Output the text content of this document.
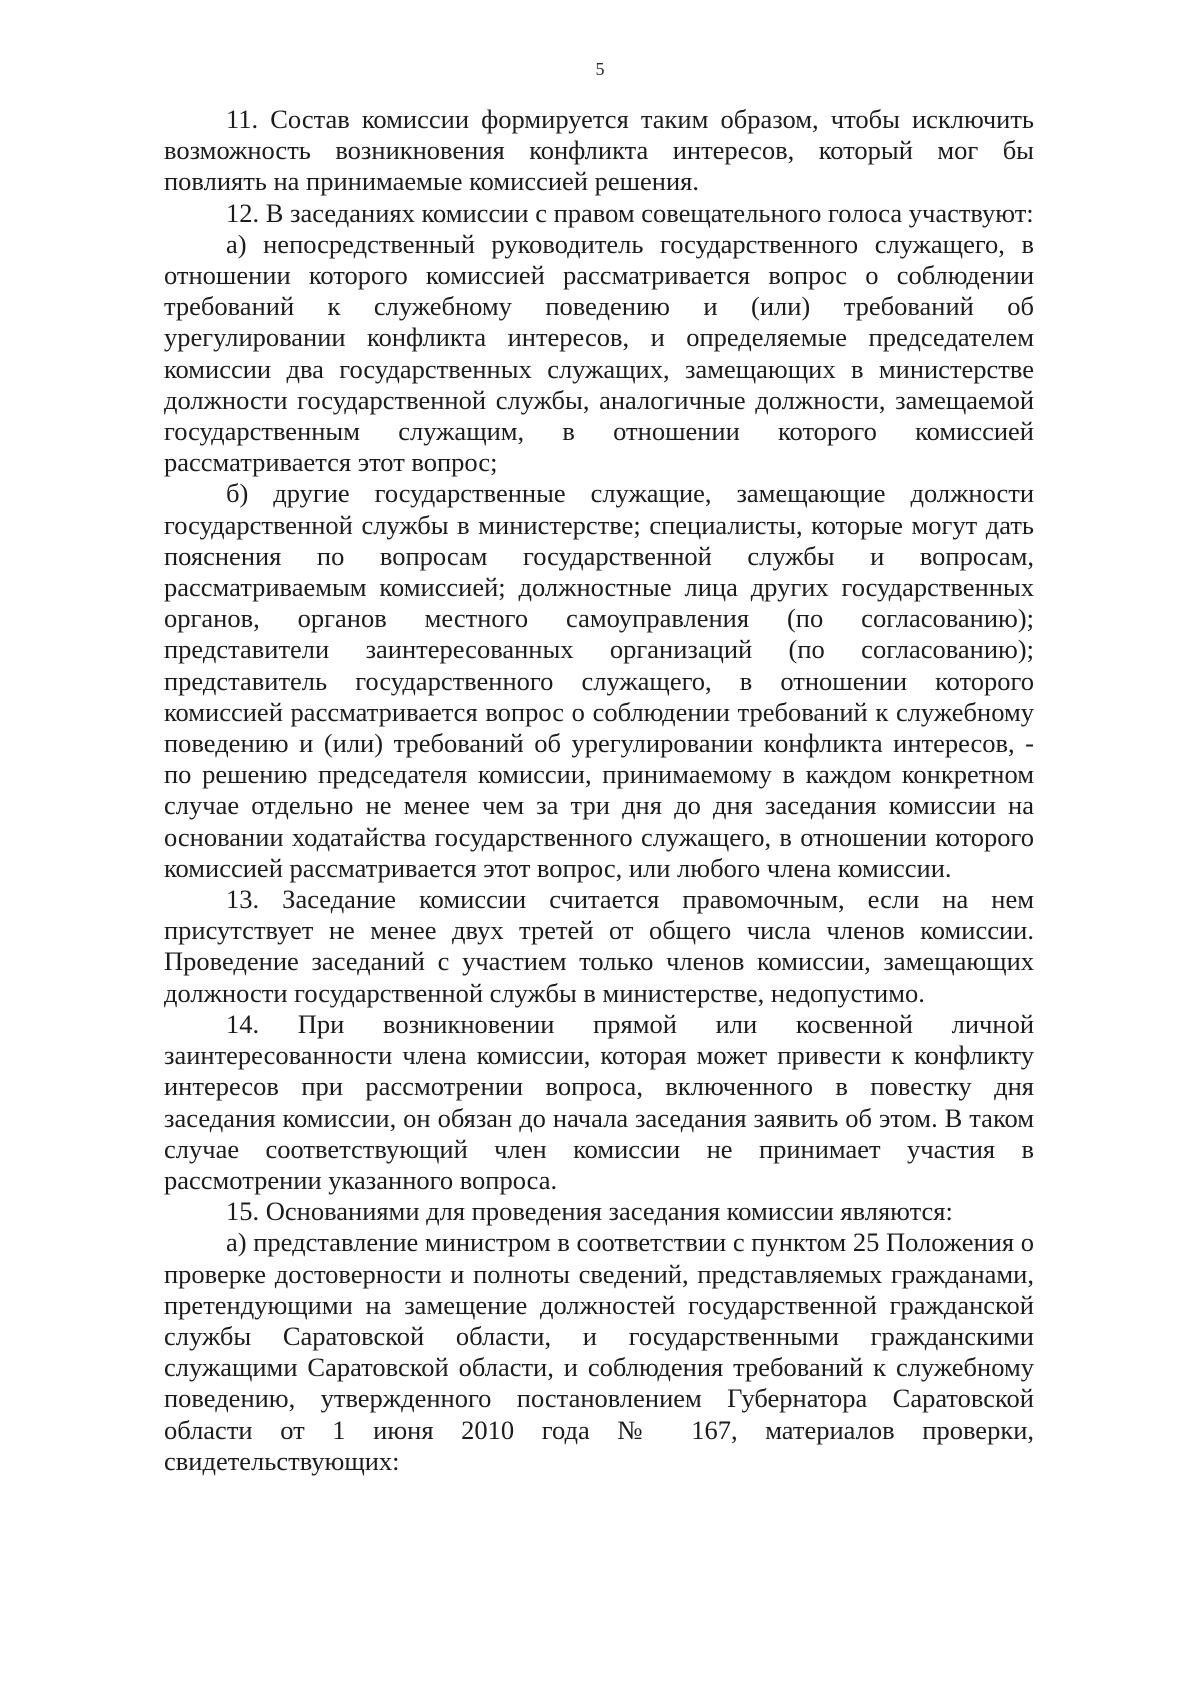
5

11. Состав комиссии формируется таким образом, чтобы исключить возможность возникновения конфликта интересов, который мог бы повлиять на принимаемые комиссией решения.

12. В заседаниях комиссии с правом совещательного голоса участвуют:

а) непосредственный руководитель государственного служащего, в отношении которого комиссией рассматривается вопрос о соблюдении требований к служебному поведению и (или) требований об урегулировании конфликта интересов, и определяемые председателем комиссии два государственных служащих, замещающих в министерстве должности государственной службы, аналогичные должности, замещаемой государственным служащим, в отношении которого комиссией рассматривается этот вопрос;

б) другие государственные служащие, замещающие должности государственной службы в министерстве; специалисты, которые могут дать пояснения по вопросам государственной службы и вопросам, рассматриваемым комиссией; должностные лица других государственных органов, органов местного самоуправления (по согласованию); представители заинтересованных организаций (по согласованию); представитель государственного служащего, в отношении которого комиссией рассматривается вопрос о соблюдении требований к служебному поведению и (или) требований об урегулировании конфликта интересов, - по решению председателя комиссии, принимаемому в каждом конкретном случае отдельно не менее чем за три дня до дня заседания комиссии на основании ходатайства государственного служащего, в отношении которого комиссией рассматривается этот вопрос, или любого члена комиссии.

13. Заседание комиссии считается правомочным, если на нем присутствует не менее двух третей от общего числа членов комиссии. Проведение заседаний с участием только членов комиссии, замещающих должности государственной службы в министерстве, недопустимо.

14. При возникновении прямой или косвенной личной заинтересованности члена комиссии, которая может привести к конфликту интересов при рассмотрении вопроса, включенного в повестку дня заседания комиссии, он обязан до начала заседания заявить об этом. В таком случае соответствующий член комиссии не принимает участия в рассмотрении указанного вопроса.

15. Основаниями для проведения заседания комиссии являются:

а) представление министром в соответствии с пунктом 25 Положения о проверке достоверности и полноты сведений, представляемых гражданами, претендующими на замещение должностей государственной гражданской службы Саратовской области, и государственными гражданскими служащими Саратовской области, и соблюдения требований к служебному поведению, утвержденного постановлением Губернатора Саратовской области от 1 июня 2010 года № 167, материалов проверки, свидетельствующих:
